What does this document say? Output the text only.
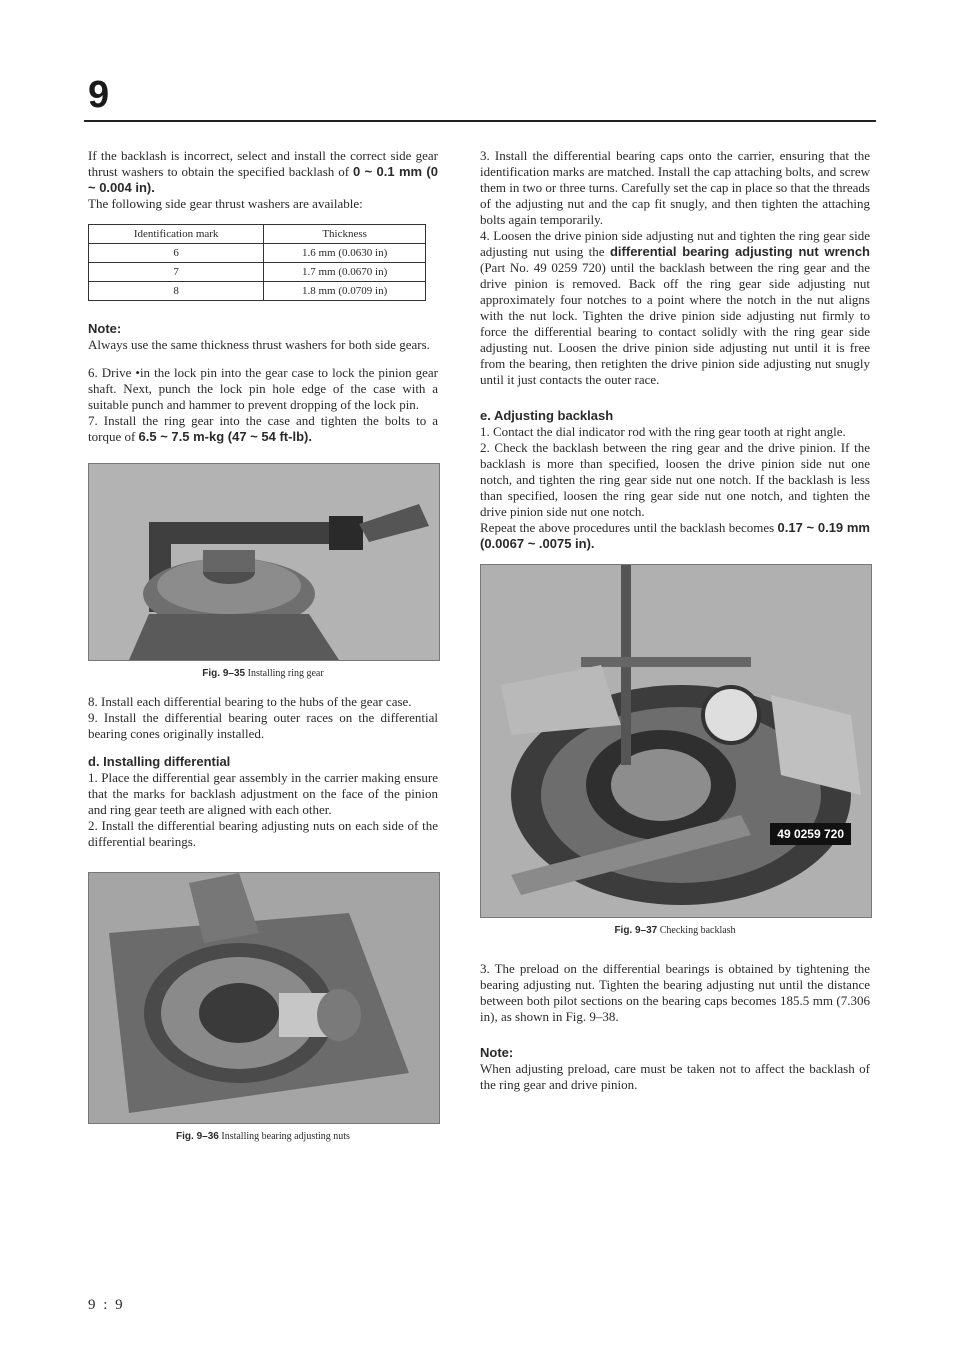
9

If the backlash is incorrect, select and install the correct side gear thrust washers to obtain the specified backlash of 0 ~ 0.1 mm (0 ~ 0.004 in).
The following side gear thrust washers are available:

Identification mark	Thickness
6	1.6 mm (0.0630 in)
7	1.7 mm (0.0670 in)
8	1.8 mm (0.0709 in)

Note:

Always use the same thickness thrust washers for both side gears.

6. Drive •in the lock pin into the gear case to lock the pinion gear shaft. Next, punch the lock pin hole edge of the case with a suitable punch and hammer to prevent dropping of the lock pin.

7. Install the ring gear into the case and tighten the bolts to a torque of 6.5 ~ 7.5 m-kg (47 ~ 54 ft-lb).

Fig. 9–35 Installing ring gear

8. Install each differential bearing to the hubs of the gear case.

9. Install the differential bearing outer races on the differential bearing cones originally installed.

d. Installing differential

1. Place the differential gear assembly in the carrier making ensure that the marks for backlash adjustment on the face of the pinion and ring gear teeth are aligned with each other.

2. Install the differential bearing adjusting nuts on each side of the differential bearings.

Fig. 9–36 Installing bearing adjusting nuts

3. Install the differential bearing caps onto the carrier, ensuring that the identification marks are matched. Install the cap attaching bolts, and screw them in two or three turns. Carefully set the cap in place so that the threads of the adjusting nut and the cap fit snugly, and then tighten the attaching bolts again temporarily.

4. Loosen the drive pinion side adjusting nut and tighten the ring gear side adjusting nut using the differential bearing adjusting nut wrench (Part No. 49 0259 720) until the backlash between the ring gear and the drive pinion is removed. Back off the ring gear side adjusting nut approximately four notches to a point where the notch in the nut aligns with the nut lock. Tighten the drive pinion side adjusting nut firmly to force the differential bearing to contact solidly with the ring gear side adjusting nut. Loosen the drive pinion side adjusting nut until it is free from the bearing, then retighten the drive pinion side adjusting nut snugly until it just contacts the outer race.

e. Adjusting backlash

1. Contact the dial indicator rod with the ring gear tooth at right angle.

2. Check the backlash between the ring gear and the drive pinion. If the backlash is more than specified, loosen the drive pinion side nut one notch, and tighten the ring gear side nut one notch. If the backlash is less than specified, loosen the ring gear side nut one notch, and tighten the drive pinion side nut one notch.

Repeat the above procedures until the backlash becomes 0.17 ~ 0.19 mm (0.0067 ~ .0075 in).

49 0259 720
Fig. 9–37 Checking backlash

3. The preload on the differential bearings is obtained by tightening the bearing adjusting nut. Tighten the bearing adjusting nut until the distance between both pilot sections on the bearing caps becomes 185.5 mm (7.306 in), as shown in Fig. 9–38.

Note:

When adjusting preload, care must be taken not to affect the backlash of the ring gear and drive pinion.

9 : 9
